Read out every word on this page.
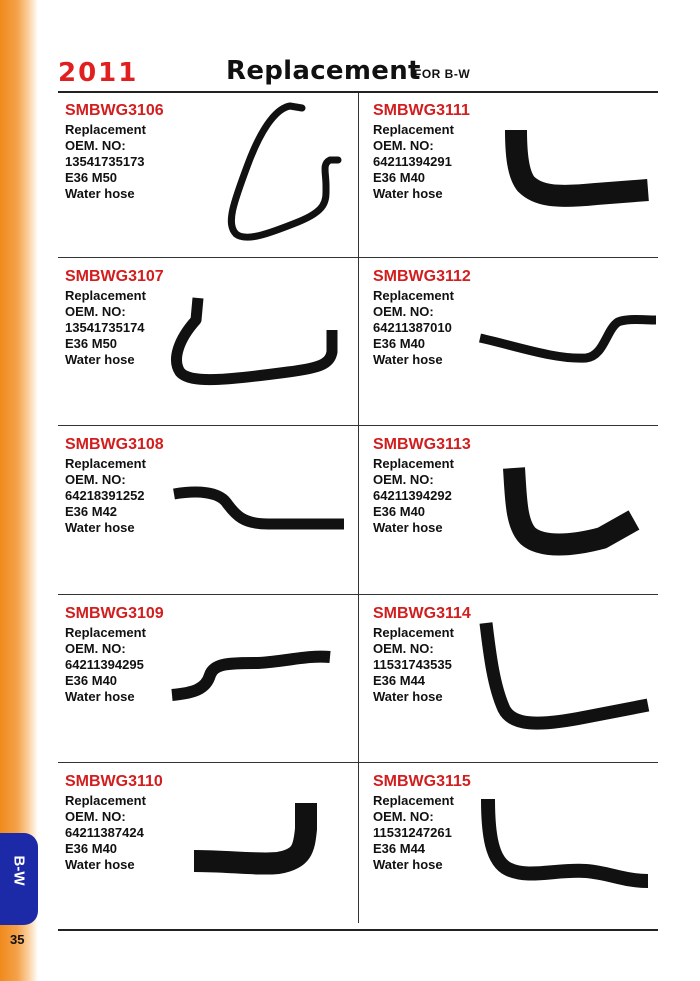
B-W
35
2011	Replacement
FOR B-W
SMBWG3106
Replacement
OEM. NO:
13541735173
E36 M50
Water hose
SMBWG3111
Replacement
OEM. NO:
64211394291
E36 M40
Water hose
SMBWG3107
Replacement
OEM. NO:
13541735174
E36 M50
Water hose
SMBWG3112
Replacement
OEM. NO:
64211387010
E36 M40
Water hose
SMBWG3108
Replacement
OEM. NO:
64218391252
E36 M42
Water hose
SMBWG3113
Replacement
OEM. NO:
64211394292
E36 M40
Water hose
SMBWG3109
Replacement
OEM. NO:
64211394295
E36 M40
Water hose
SMBWG3114
Replacement
OEM. NO:
11531743535
E36 M44
Water hose
SMBWG3110
Replacement
OEM. NO:
64211387424
E36 M40
Water hose
SMBWG3115
Replacement
OEM. NO:
11531247261
E36 M44
Water hose
